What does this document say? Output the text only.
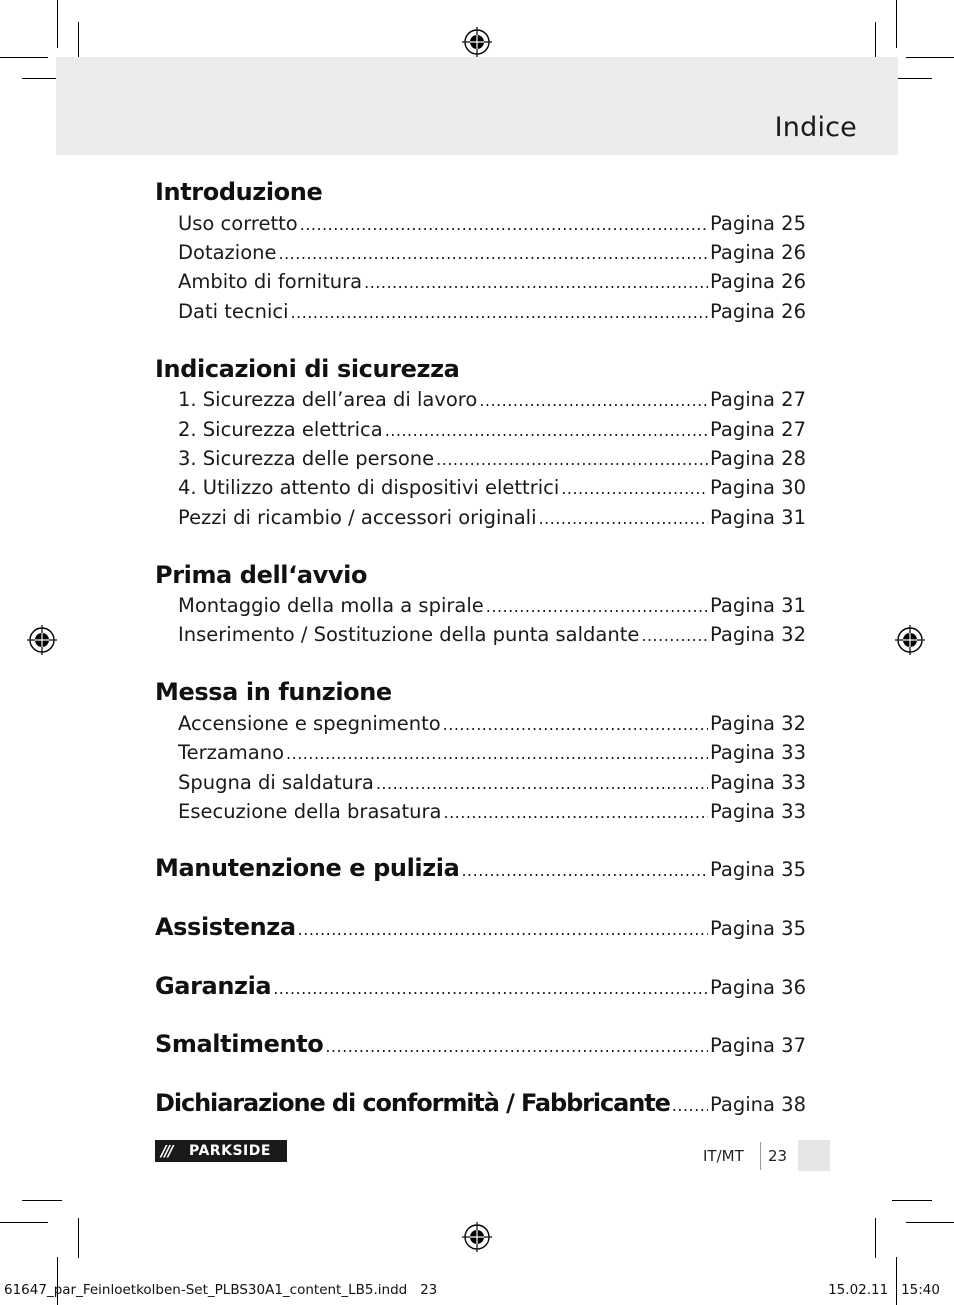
Indice
Introduzione
Uso corretto .....	Pagina 25
Dotazione .....	Pagina 26
Ambito di fornitura .....	Pagina 26
Dati tecnici .....	Pagina 26
Indicazioni di sicurezza
1. Sicurezza dell’area di lavoro .....	Pagina 27
2. Sicurezza elettrica .....	Pagina 27
3. Sicurezza delle persone .....	Pagina 28
4. Utilizzo attento di dispositivi elettrici .....	Pagina 30
Pezzi di ricambio / accessori originali .....	Pagina 31
Prima dell‘avvio
Montaggio della molla a spirale .....	Pagina 31
Inserimento / Sostituzione della punta saldante .....	Pagina 32
Messa in funzione
Accensione e spegnimento .....	Pagina 32
Terzamano .....	Pagina 33
Spugna di saldatura .....	Pagina 33
Esecuzione della brasatura .....	Pagina 33
Manutenzione e pulizia .....	Pagina 35
Assistenza .....	Pagina 35
Garanzia .....	Pagina 36
Smaltimento .....	Pagina 37
Dichiarazione di conformità / Fabbricante ..... Pagina 38
///	PARKSIDE	IT/MT 23
61647_par_Feinloetkolben-Set_PLBS30A1_content_LB5.indd   23	15.02.11   15:40
